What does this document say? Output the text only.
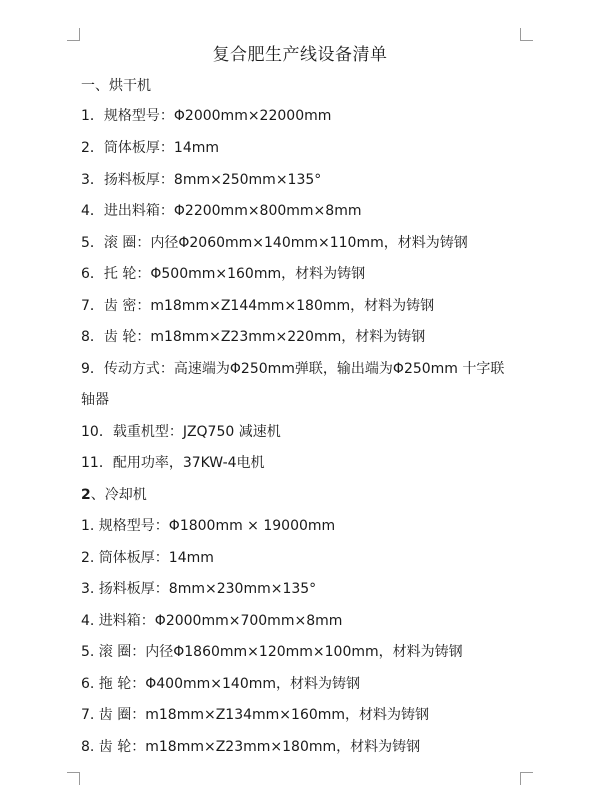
复合肥生产线设备清单
一、烘干机
1．规格型号：Φ2000mm×22000mm
2．筒体板厚：14mm
3．扬料板厚：8mm×250mm×135°
4．进出料箱：Φ2200mm×800mm×8mm
5．滚 圈：内径Φ2060mm×140mm×110mm，材料为铸钢
6．托 轮：Φ500mm×160mm，材料为铸钢
7．齿 密：m18mm×Z144mm×180mm，材料为铸钢
8．齿 轮：m18mm×Z23mm×220mm，材料为铸钢
9．传动方式：高速端为Φ250mm弹联，输出端为Φ250mm 十字联
轴器
10．载重机型：JZQ750 减速机
11．配用功率，37KW-4电机
2、冷却机
1. 规格型号：Φ1800mm × 19000mm
2. 筒体板厚：14mm
3. 扬料板厚：8mm×230mm×135°
4. 进料箱：Φ2000mm×700mm×8mm
5. 滚 圈：内径Φ1860mm×120mm×100mm，材料为铸钢
6. 拖 轮：Φ400mm×140mm，材料为铸钢
7. 齿 圈：m18mm×Z134mm×160mm，材料为铸钢
8. 齿 轮：m18mm×Z23mm×180mm，材料为铸钢
